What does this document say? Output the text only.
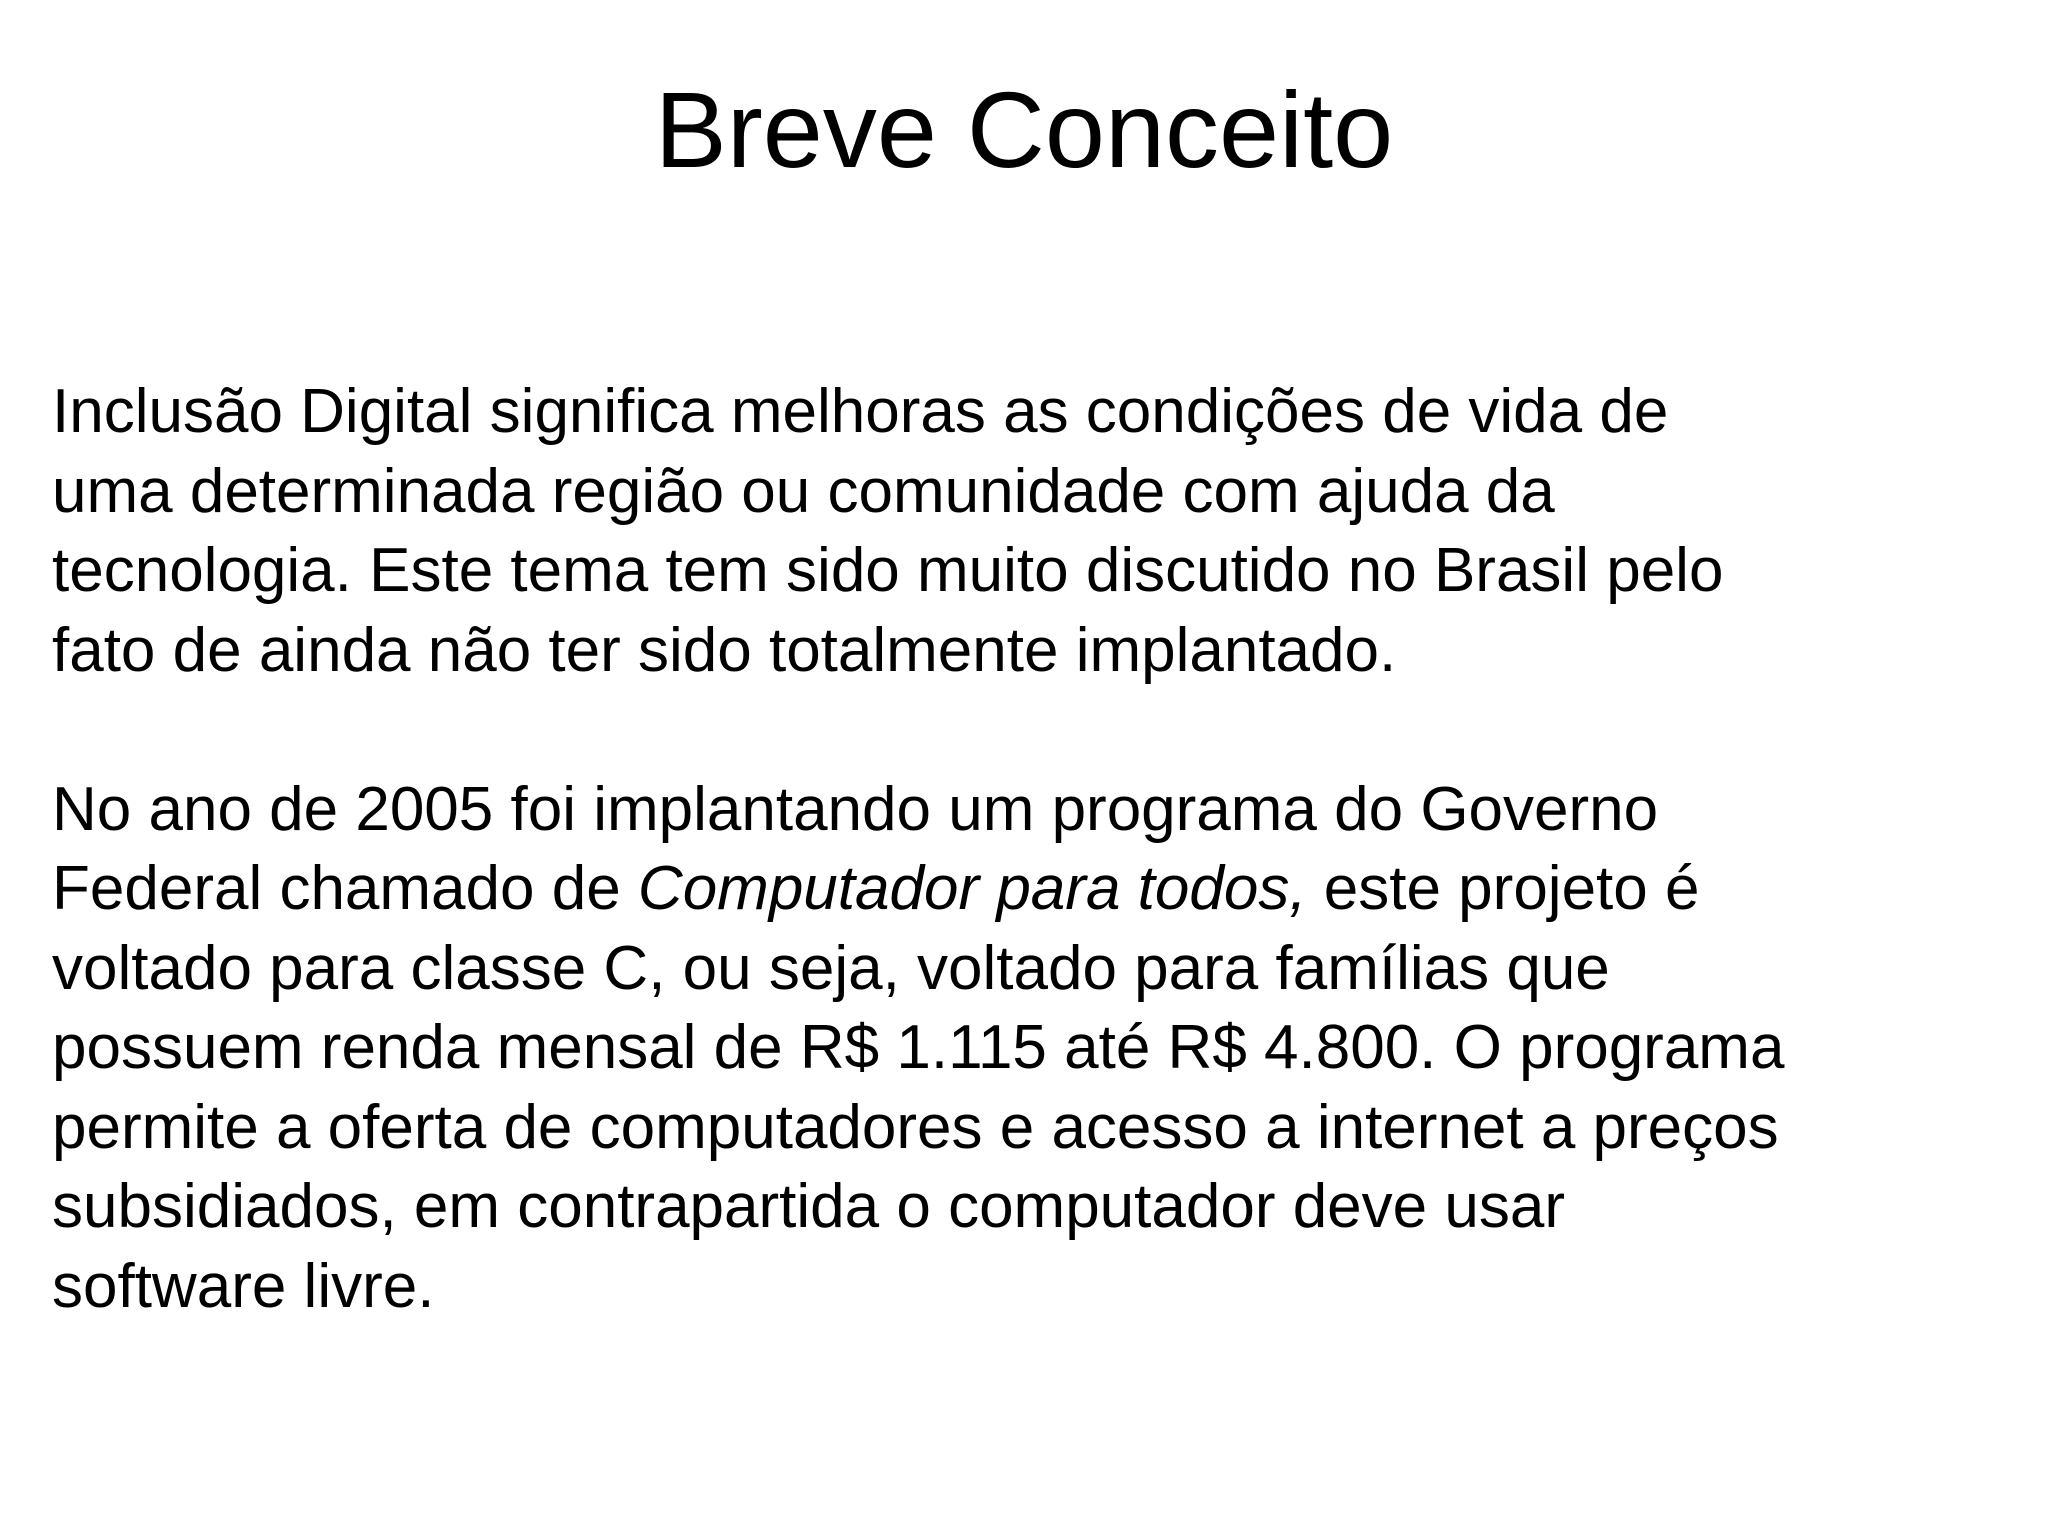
Breve Conceito

Inclusão Digital significa melhoras as condições de vida de
uma determinada região ou comunidade com ajuda da
tecnologia. Este tema tem sido muito discutido no Brasil pelo
fato de ainda não ter sido totalmente implantado.

No ano de 2005 foi implantando um programa do Governo
Federal chamado de Computador para todos, este projeto é
voltado para classe C, ou seja, voltado para famílias que
possuem renda mensal de R$ 1.115 até R$ 4.800. O programa
permite a oferta de computadores e acesso a internet a preços
subsidiados, em contrapartida o computador deve usar
software livre.
